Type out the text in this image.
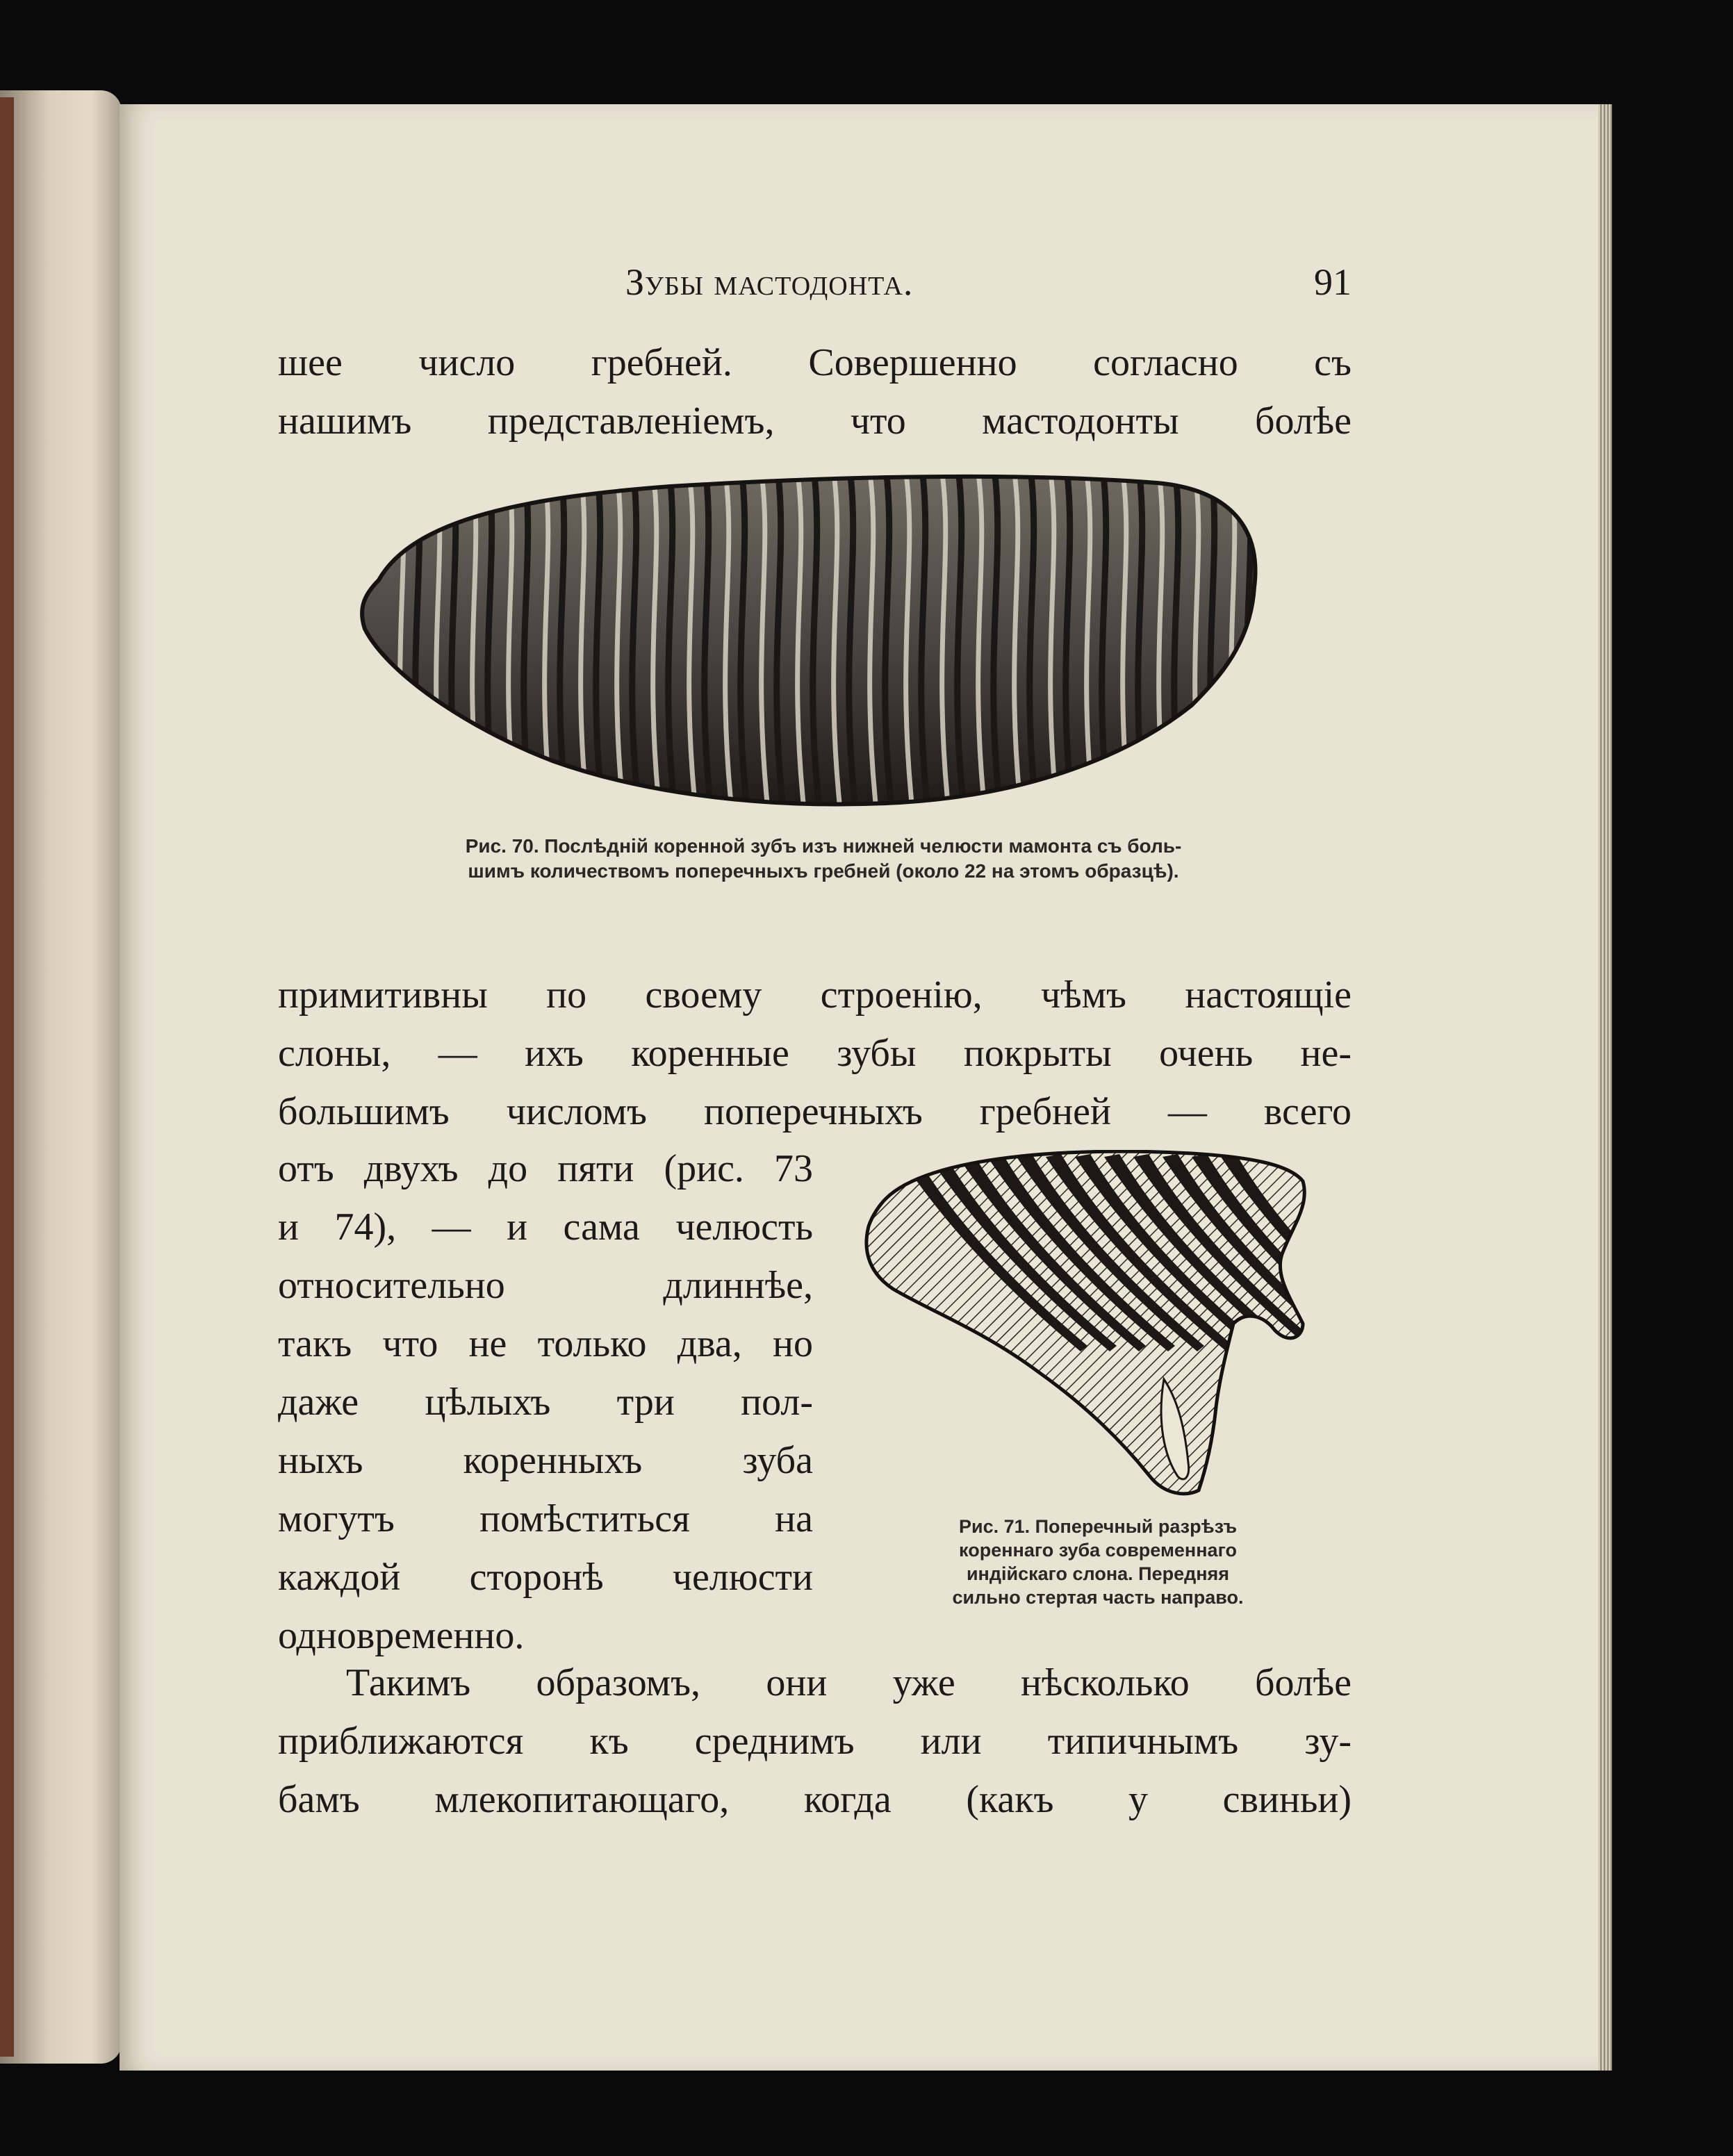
Зубы мастодонта.	91
шее число гребней. Совершенно согласно съ
нашимъ представленіемъ, что мастодонты болѣе
Рис. 70. Послѣдній коренной зубъ изъ нижней челюсти мамонта съ боль-
шимъ количествомъ поперечныхъ гребней (около 22 на этомъ образцѣ).
примитивны по своему строенію, чѣмъ настоящіе
слоны, — ихъ коренные зубы покрыты очень не-
большимъ числомъ поперечныхъ гребней — всего
отъ двухъ до пяти (рис. 73
и 74), — и сама челюсть
относительно длиннѣе,
такъ что не только два, но
даже цѣлыхъ три пол-
ныхъ коренныхъ зуба
могутъ помѣститься на
каждой сторонѣ челюсти
одновременно.
Рис. 71. Поперечный разрѣзъ
кореннаго зуба современнаго
индійскаго слона. Передняя
сильно стертая часть направо.
Такимъ образомъ, они уже нѣсколько болѣе
приближаются къ среднимъ или типичнымъ зу-
бамъ млекопитающаго, когда (какъ у свиньи)
